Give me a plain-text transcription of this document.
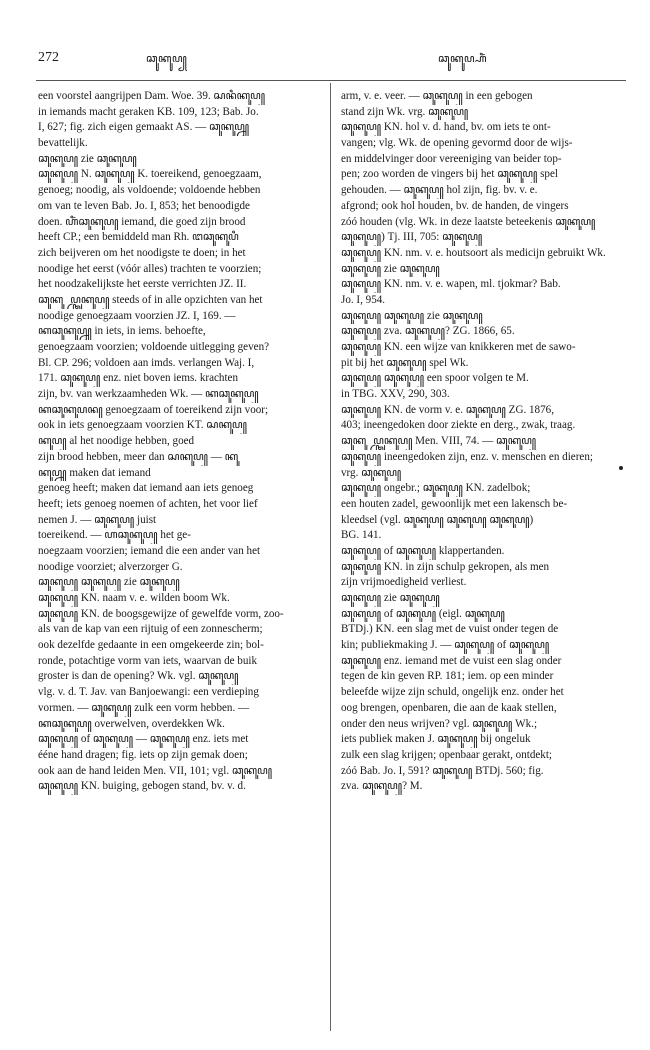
272	ꦕꦸꦏꦸꦥ꧀	ꦕꦸꦏꦸꦥ꧀ꦲꦶꦁ
een voorstel aangrijpen Dam. Woe. 39. ꦱꦤꦶꦏꦸꦥ꧀
in iemands macht geraken KB. 109, 123; Bab. Jo.
I, 627; fig. zich eigen gemaakt AS. — ꦕꦸꦏꦸꦥ꧀ꦤ꧀
bevattelijk.
ꦕꦸꦏꦸꦥ꧀ zie ꦕꦸꦏꦸꦥ꧀
ꦕꦸꦏꦸꦥ꧀ N. ꦕꦸꦏꦸꦥ꧀ K. toereikend, genoegzaam,
genoeg; noodig, als voldoende; voldoende hebben
om van te leven Bab. Jo. I, 853; het benoodigde
doen. ꦲꦶꦁꦕꦸꦏꦸꦥ꧀ iemand, die goed zijn brood
heeft CP.; een bemiddeld man Rh. ꦔꦕꦸꦏꦸꦥꦶ
zich beijveren om het noodigste te doen; in het
noodige het eerst (vóór alles) trachten te voorzien;
het noodzakelijkste het eerste verrichten JZ. II.
ꦕꦸꦏꦸꦥ꧀ꦕꦸꦏꦸꦥ꧀ steeds of in alle opzichten van het
noodige genoegzaam voorzien JZ. I, 169. —
ꦏꦕꦸꦏꦸꦥ꧀ꦤ꧀ in iets, in iems. behoefte,
genoegzaam voorzien; voldoende uitlegging geven?
Bl. CP. 296; voldoen aan imds. verlangen Waj. I,
171. ꦕꦸꦏꦸꦥ꧀ enz. niet boven iems. krachten
zijn, bv. van werkzaamheden Wk. — ꦏꦕꦸꦏꦸꦥ꧀
ꦏꦕꦸꦏꦸꦥꦤ꧀ genoegzaam of toereikend zijn voor;
ook in iets genoegzaam voorzien KT. ꦱꦏꦸꦥ꧀
ꦏꦸꦥ꧀ al het noodige hebben, goed
zijn brood hebben, meer dan ꦱꦏꦸꦥ꧀ — ꦏꦸ
ꦏꦸꦥ꧀ꦤ꧀ maken dat iemand
genoeg heeft; maken dat iemand aan iets genoeg
heeft; iets genoeg noemen of achten, het voor lief
nemen J. — ꦕꦸꦏꦸꦥ꧀ juist
toereikend. — ꦲꦕꦸꦏꦸꦥ꧀ het ge-
noegzaam voorzien; iemand die een ander van het
noodige voorziet; alverzorger G.
ꦕꦸꦏꦸꦥ꧀ ꦕꦸꦏꦸꦥ꧀ zie ꦕꦸꦏꦸꦥ꧀
ꦕꦸꦏꦸꦥ꧀ KN. naam v. e. wilden boom Wk.
ꦕꦸꦏꦸꦥ꧀ KN. de boogsgewijze of gewelfde vorm, zoo-
als van de kap van een rijtuig of een zonnescherm;
ook dezelfde gedaante in een omgekeerde zin; bol-
ronde, potachtige vorm van iets, waarvan de buik
groster is dan de opening? Wk. vgl. ꦕꦸꦏꦸꦥ꧀
vlg. v. d. T. Jav. van Banjoewangi: een verdieping
vormen. — ꦕꦸꦏꦸꦥ꧀ zulk een vorm hebben. —
ꦏꦕꦸꦏꦸꦥ꧀ overwelven, overdekken Wk.
ꦕꦸꦏꦸꦥ꧀ of ꦕꦸꦏꦸꦥ꧀ — ꦕꦸꦏꦸꦥ꧀ enz. iets met
ééne hand dragen; fig. iets op zijn gemak doen;
ook aan de hand leiden Men. VII, 101; vgl. ꦕꦸꦏꦸꦥ꧀
ꦕꦸꦏꦸꦥ꧀ KN. buiging, gebogen stand, bv. v. d.
arm, v. e. veer. — ꦕꦸꦏꦸꦥ꧀ in een gebogen
stand zijn Wk. vrg. ꦕꦸꦏꦸꦥ꧀
ꦕꦸꦏꦸꦥ꧀ KN. hol v. d. hand, bv. om iets te ont-
vangen; vlg. Wk. de opening gevormd door de wijs-
en middelvinger door vereeniging van beider top-
pen; zoo worden de vingers bij het ꦕꦸꦏꦸꦥ꧀ spel
gehouden. — ꦕꦸꦏꦸꦥ꧀ hol zijn, fig. bv. v. e.
afgrond; ook hol houden, bv. de handen, de vingers
zóó houden (vlg. Wk. in deze laatste beteekenis ꦕꦸꦏꦸꦥ꧀
ꦕꦸꦏꦸꦥ꧀) Tj. III, 705: ꦕꦸꦏꦸꦥ꧀
ꦕꦸꦏꦸꦥ꧀ KN. nm. v. e. houtsoort als medicijn gebruikt Wk.
ꦕꦸꦏꦸꦥ꧀ zie ꦕꦸꦏꦸꦥ꧀
ꦕꦸꦏꦸꦥ꧀ KN. nm. v. e. wapen, ml. tjokmar? Bab.
Jo. I, 954.
ꦕꦸꦏꦸꦥ꧀ ꦕꦸꦏꦸꦥ꧀ zie ꦕꦸꦏꦸꦥ꧀
ꦕꦸꦏꦸꦥ꧀ zva. ꦕꦸꦏꦸꦥ꧀? ZG. 1866, 65.
ꦕꦸꦏꦸꦥ꧀ KN. een wijze van knikkeren met de sawo-
pit bij het ꦕꦸꦏꦸꦥ꧀ spel Wk.
ꦕꦸꦏꦸꦥ꧀ ꦕꦸꦏꦸꦥ꧀ een spoor volgen te M.
in TBG. XXV, 290, 303.
ꦕꦸꦏꦸꦥ꧀ KN. de vorm v. e. ꦕꦸꦏꦸꦥ꧀ ZG. 1876,
403; ineengedoken door ziekte en derg., zwak, traag.
ꦕꦸꦏꦸꦥ꧀ꦕꦸꦏꦸꦥ꧀ Men. VIII, 74. — ꦕꦸꦏꦸꦥ꧀
ꦕꦸꦏꦸꦥ꧀ ineengedoken zijn, enz. v. menschen en dieren;
vrg. ꦕꦸꦏꦸꦥ꧀
ꦕꦸꦏꦸꦥ꧀ ongebr.; ꦕꦸꦏꦸꦥ꧀ KN. zadelbok;
een houten zadel, gewoonlijk met een lakensch be-
kleedsel (vgl. ꦕꦸꦏꦸꦥ꧀ ꦕꦸꦏꦸꦥ꧀ ꦕꦸꦏꦸꦥ꧀)
BG. 141.
ꦕꦸꦏꦸꦥ꧀ of ꦕꦸꦏꦸꦥ꧀ klappertanden.
ꦕꦸꦏꦸꦥ꧀ KN. in zijn schulp gekropen, als men
zijn vrijmoedigheid verliest.
ꦕꦸꦏꦸꦥ꧀ zie ꦕꦸꦏꦸꦥ꧀
ꦕꦸꦏꦸꦥ꧀ of ꦕꦸꦏꦸꦥ꧀ (eigl. ꦕꦸꦏꦸꦥ꧀
BTDj.) KN. een slag met de vuist onder tegen de
kin; publiekmaking J. — ꦕꦸꦏꦸꦥ꧀ of ꦕꦸꦏꦸꦥ꧀
ꦕꦸꦏꦸꦥ꧀ enz. iemand met de vuist een slag onder
tegen de kin geven RP. 181; iem. op een minder
beleefde wijze zijn schuld, ongelijk enz. onder het
oog brengen, openbaren, die aan de kaak stellen,
onder den neus wrijven? vgl. ꦕꦸꦏꦸꦥ꧀ Wk.;
iets publiek maken J. ꦕꦸꦏꦸꦥ꧀ bij ongeluk
zulk een slag krijgen; openbaar gerakt, ontdekt;
zóó Bab. Jo. I, 591? ꦕꦸꦏꦸꦥ꧀ BTDj. 560; fig.
zva. ꦕꦸꦏꦸꦥ꧀? M.
